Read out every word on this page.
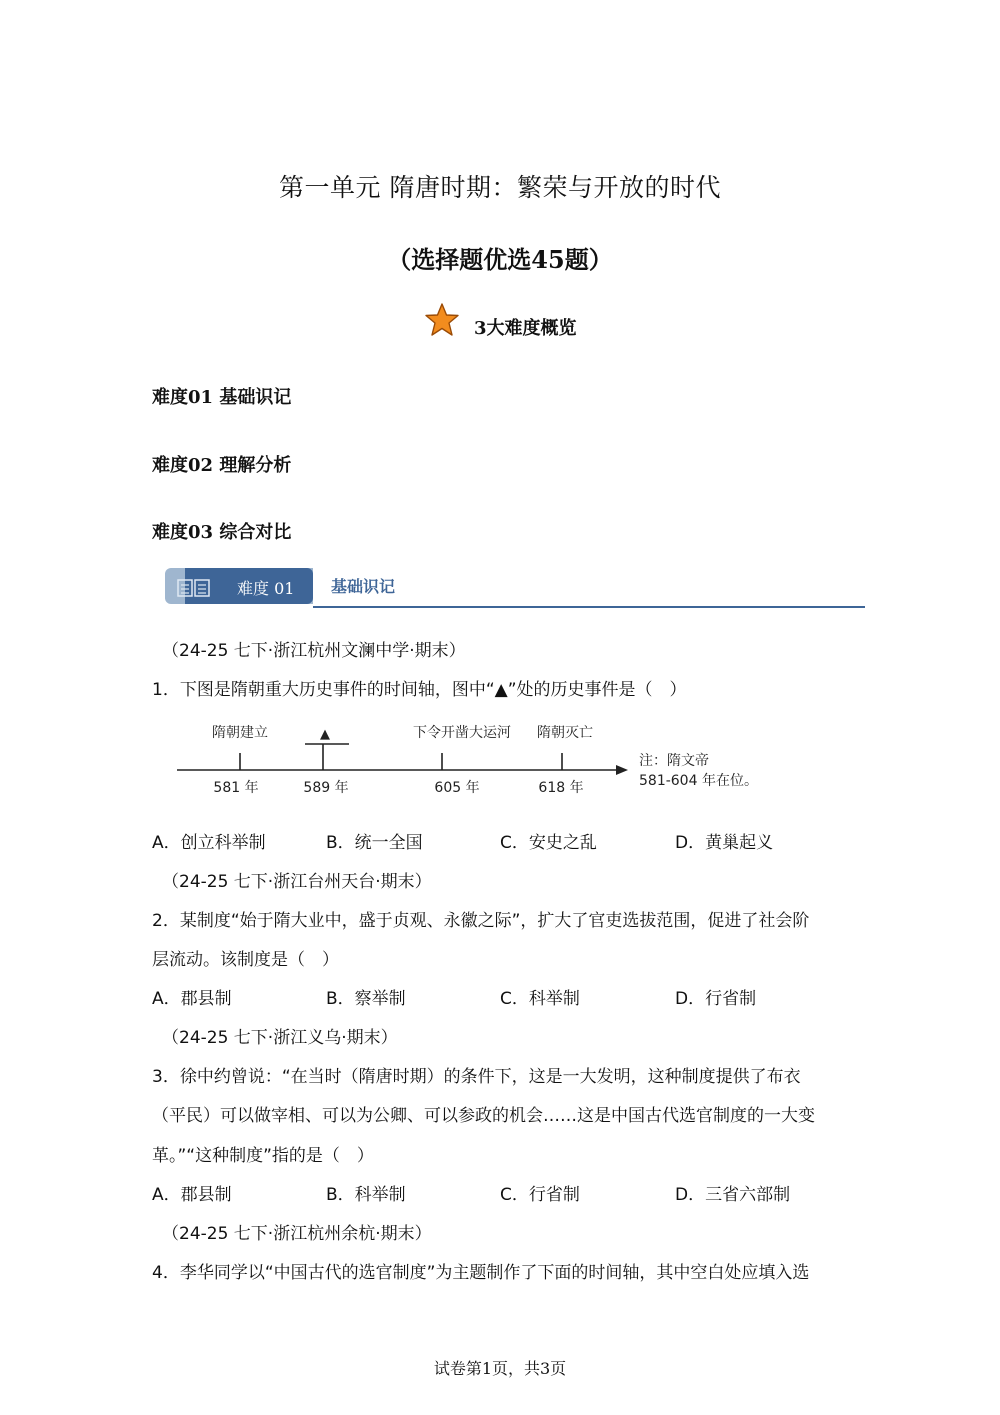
第一单元 隋唐时期：繁荣与开放的时代
（选择题优选45题）
3大难度概览
难度01 基础识记
难度02 理解分析
难度03 综合对比
难度 01 基础识记
（24-25 七下·浙江杭州文澜中学·期末）
1．下图是隋朝重大历史事件的时间轴，图中“▲”处的历史事件是（　）
隋朝建立	▲	下令开凿大运河 隋朝灭亡
581 年	589 年	605 年	618 年
注：隋文帝
581-604 年在位。
A．创立科举制	B．统一全国	C．安史之乱	D．黄巢起义
（24-25 七下·浙江台州天台·期末）
2．某制度“始于隋大业中，盛于贞观、永徽之际”，扩大了官吏选拔范围，促进了社会阶
层流动。该制度是（　）
A．郡县制	B．察举制	C．科举制	D．行省制
（24-25 七下·浙江义乌·期末）
3．徐中约曾说：“在当时（隋唐时期）的条件下，这是一大发明，这种制度提供了布衣
（平民）可以做宰相、可以为公卿、可以参政的机会……这是中国古代选官制度的一大变
革。”“这种制度”指的是（　）
A．郡县制	B．科举制	C．行省制	D．三省六部制
（24-25 七下·浙江杭州余杭·期末）
4．李华同学以“中国古代的选官制度”为主题制作了下面的时间轴，其中空白处应填入选
试卷第1页，共3页
